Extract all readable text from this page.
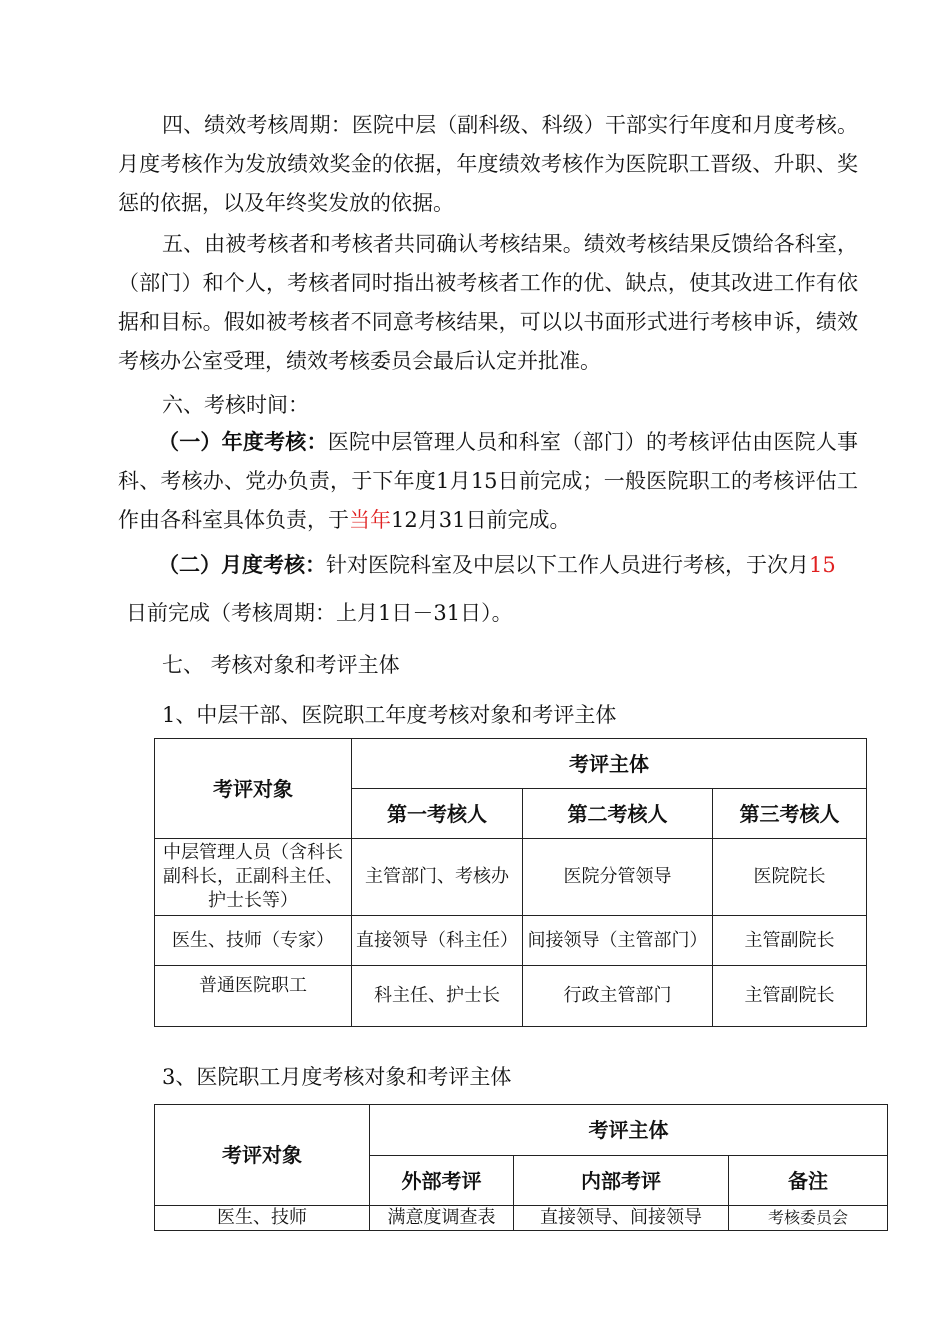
四、绩效考核周期：医院中层（副科级、科级）干部实行年度和月度考核。月度考核作为发放绩效奖金的依据，年度绩效考核作为医院职工晋级、升职、奖惩的依据，以及年终奖发放的依据。

五、由被考核者和考核者共同确认考核结果。绩效考核结果反馈给各科室，（部门）和个人，考核者同时指出被考核者工作的优、缺点，使其改进工作有依据和目标。假如被考核者不同意考核结果，可以以书面形式进行考核申诉，绩效考核办公室受理，绩效考核委员会最后认定并批准。

六、考核时间：

（一）年度考核：医院中层管理人员和科室（部门）的考核评估由医院人事科、考核办、党办负责，于下年度1月15日前完成；一般医院职工的考核评估工作由各科室具体负责，于当年12月31日前完成。

（二）月度考核：针对医院科室及中层以下工作人员进行考核，于次月15

日前完成（考核周期：上月1日－31日）。

七、 考核对象和考评主体

1、中层干部、医院职工年度考核对象和考评主体

考评对象	考评主体		
	第一考核人	第二考核人	第三考核人
中层管理人员（含科长 副科长，正副科主任、护士长等）	主管部门、考核办	医院分管领导	医院院长
医生、技师（专家）	直接领导（科主任）	间接领导（主管部门）	主管副院长
普通医院职工	科主任、护士长	行政主管部门	主管副院长

3、医院职工月度考核对象和考评主体

考评对象	考评主体		
	外部考评	内部考评	备注
医生、技师	满意度调查表	直接领导、间接领导	考核委员会
